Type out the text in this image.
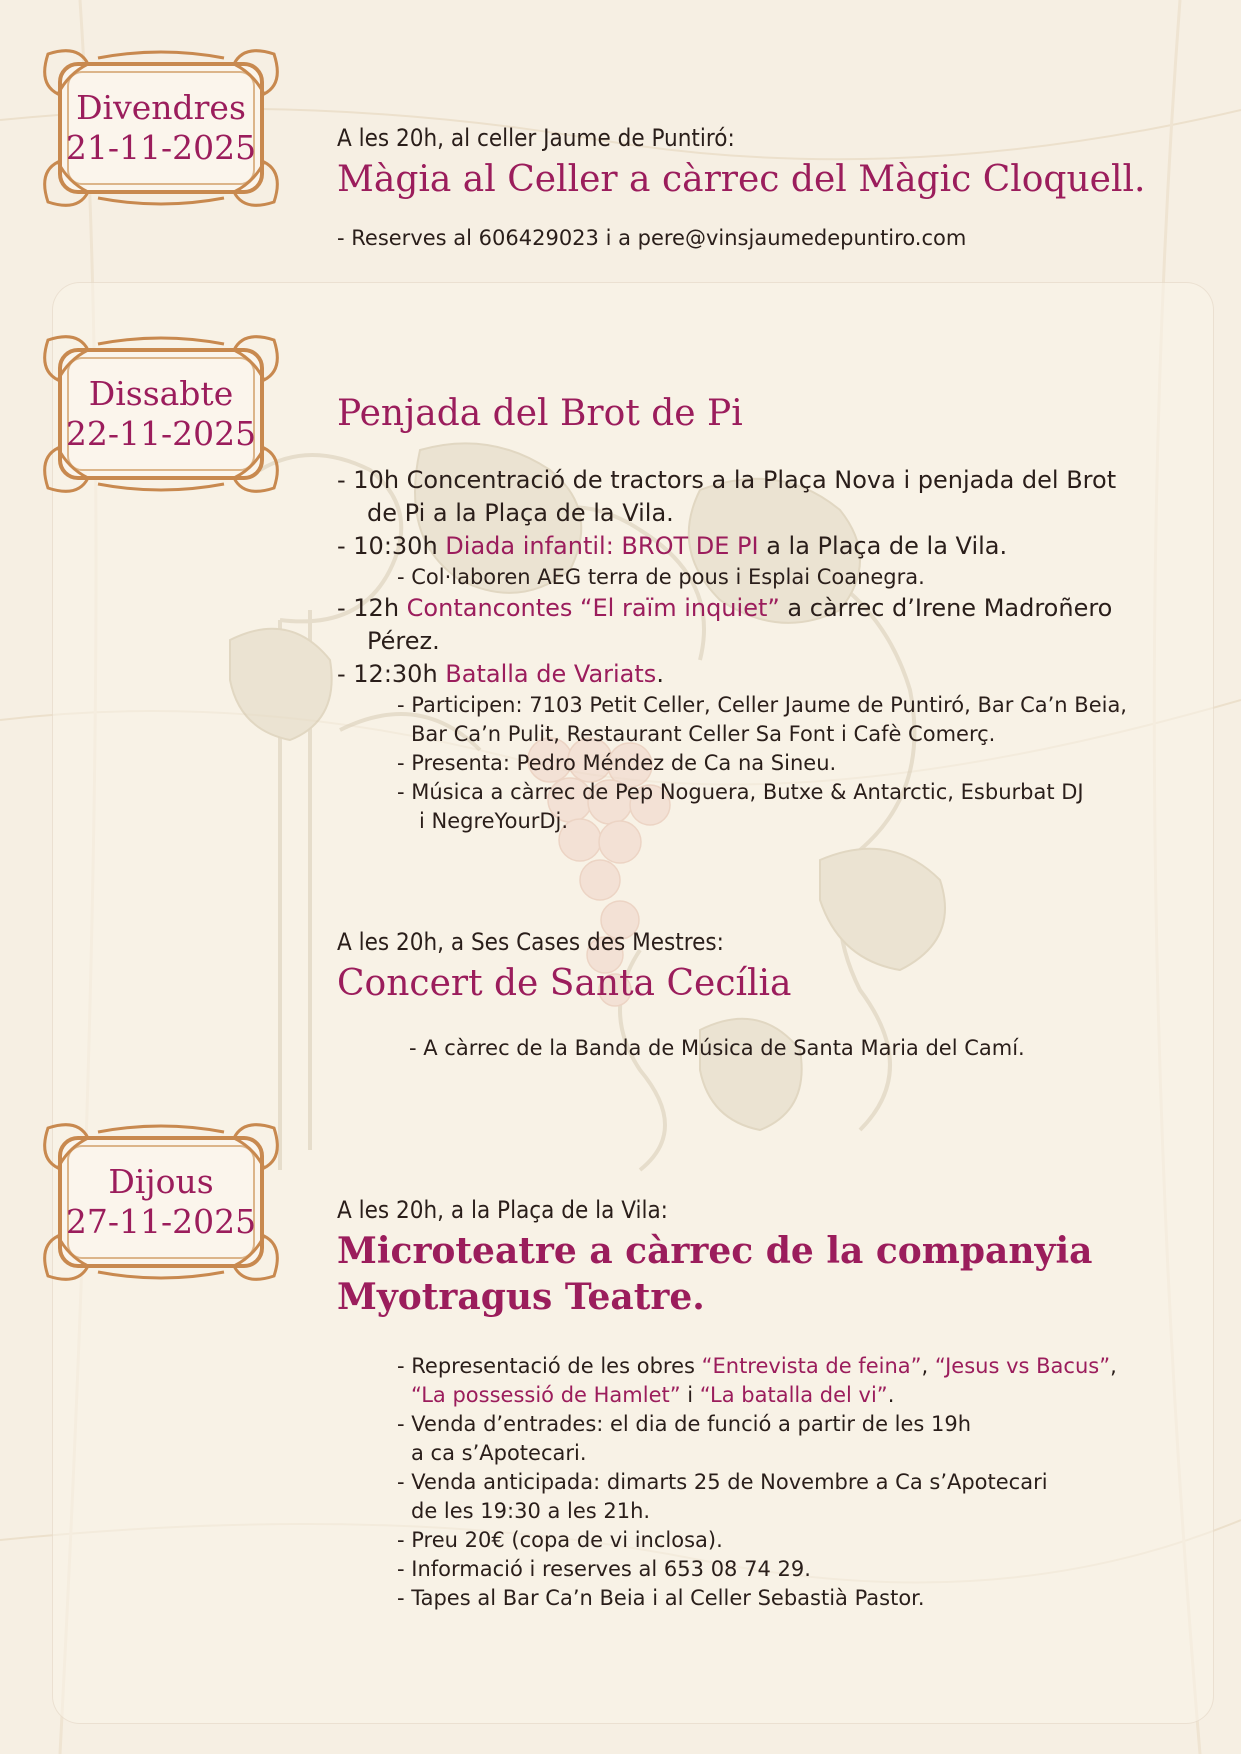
Divendres
21-11-2025
Dissabte
22-11-2025
Dijous
27-11-2025

A les 20h, al celler Jaume de Puntiró:

Màgia al Celler a càrrec del Màgic Cloquell.

- Reserves al 606429023 i a pere@vinsjaumedepuntiro.com

Penjada del Brot de Pi
- 10h Concentració de tractors a la Plaça Nova i penjada del Brot
de Pi a la Plaça de la Vila.
- 10:30h Diada infantil: BROT DE PI a la Plaça de la Vila.
- Col·laboren AEG terra de pous i Esplai Coanegra.
- 12h Contancontes “El raïm inquiet” a càrrec d’Irene Madroñero
Pérez.
- 12:30h Batalla de Variats.
- Participen: 7103 Petit Celler, Celler Jaume de Puntiró, Bar Ca’n Beia,
Bar Ca’n Pulit, Restaurant Celler Sa Font i Cafè Comerç.
- Presenta: Pedro Méndez de Ca na Sineu.
- Música a càrrec de Pep Noguera, Butxe & Antarctic, Esburbat DJ
i NegreYourDj.

A les 20h, a Ses Cases des Mestres:

Concert de Santa Cecília

- A càrrec de la Banda de Música de Santa Maria del Camí.

A les 20h, a la Plaça de la Vila:

Microteatre a càrrec de la companyia
Myotragus Teatre.
- Representació de les obres “Entrevista de feina”, “Jesus vs Bacus”,
“La possessió de Hamlet” i “La batalla del vi”.
- Venda d’entrades: el dia de funció a partir de les 19h
a ca s’Apotecari.
- Venda anticipada: dimarts 25 de Novembre a Ca s’Apotecari
de les 19:30 a les 21h.
- Preu 20€ (copa de vi inclosa).
- Informació i reserves al 653 08 74 29.
- Tapes al Bar Ca’n Beia i al Celler Sebastià Pastor.
